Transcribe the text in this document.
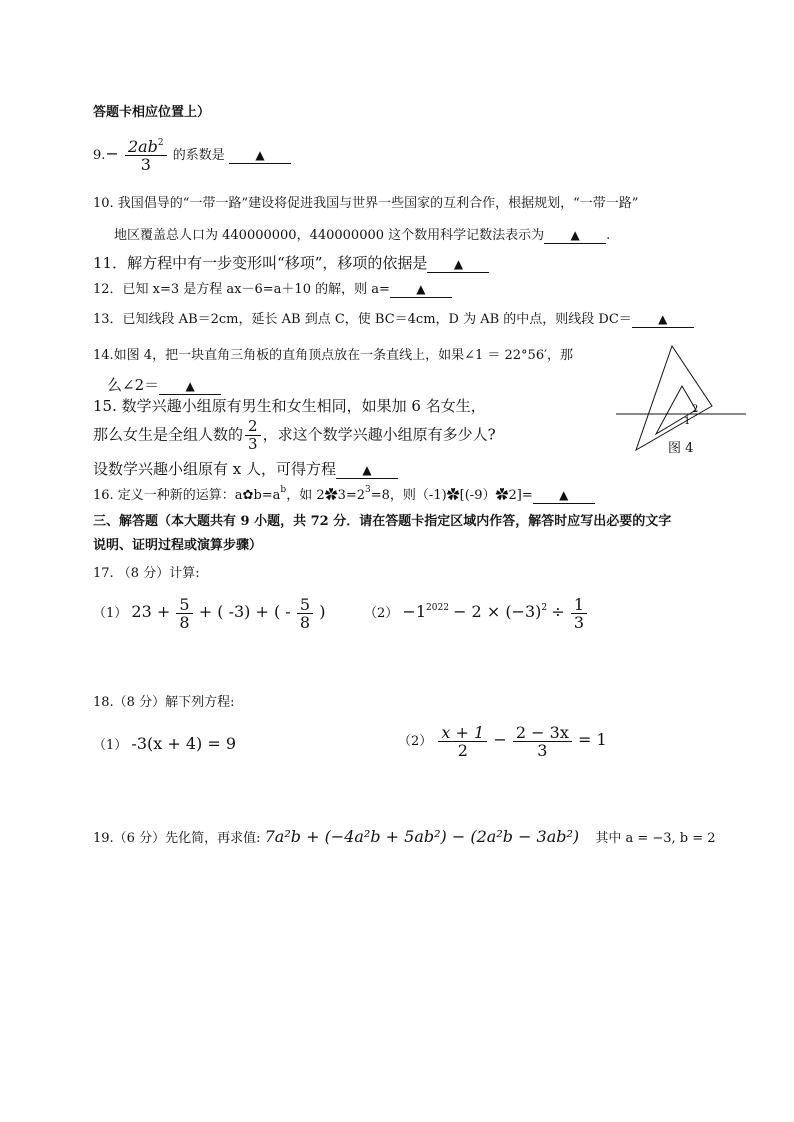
答题卡相应位置上）
$9.- \frac{2ab^2}{3}$ 的系数是	▲
10. 我国倡导的“一带一路”建设将促进我国与世界一些国家的互利合作，根据规划，“一带一路”
地区覆盖总人口为 440000000，440000000 这个数用科学记数法表示为 ▲ .
11．解方程中有一步变形叫“移项”，移项的依据是 ▲
12．已知 x=3 是方程 ax－6=a＋10 的解，则 a= ▲
13．已知线段 AB＝2cm，延长 AB 到点 C，使 BC＝4cm，D 为 AB 的中点，则线段 DC＝ ▲
14.如图 4，把一块直角三角板的直角顶点放在一条直线上，如果∠1 ＝ 22°56′，那
么∠2＝ ▲
2
1
图 4
15. 数学兴趣小组原有男生和女生相同，如果加 6 名女生，
那么女生是全组人数的 $\frac{2}{3}$ ，求这个数学兴趣小组原有多少人?
设数学兴趣小组原有 x 人，可得方程 ▲
16. 定义一种新的运算：$a✿b=a^b$，如 $2✿3=2^3=8$，则（-1)✿[(-9）✿2]= ▲
三、解答题（本大题共有 9 小题，共 72 分．请在答题卡指定区域内作答，解答时应写出必要的文字
说明、证明过程或演算步骤）
17. （8 分）计算:
（1） $23 + \frac{5}{8}$ + ( -3) + ( - $\frac{5}{8}$ )	$(2) -1^{2022} - 2 \times (-3)^2 \div \frac{1}{3}$
18.（8 分）解下列方程:
（1） -3(x + 4) = 9	$(2) \frac{x + 1}{2} - \frac{2 - 3x}{3} = 1$
19.（6 分）先化简，再求值: 7a²b + (−4a²b + 5ab²) − (2a²b − 3ab²) 其中 a = −3, b = 2
